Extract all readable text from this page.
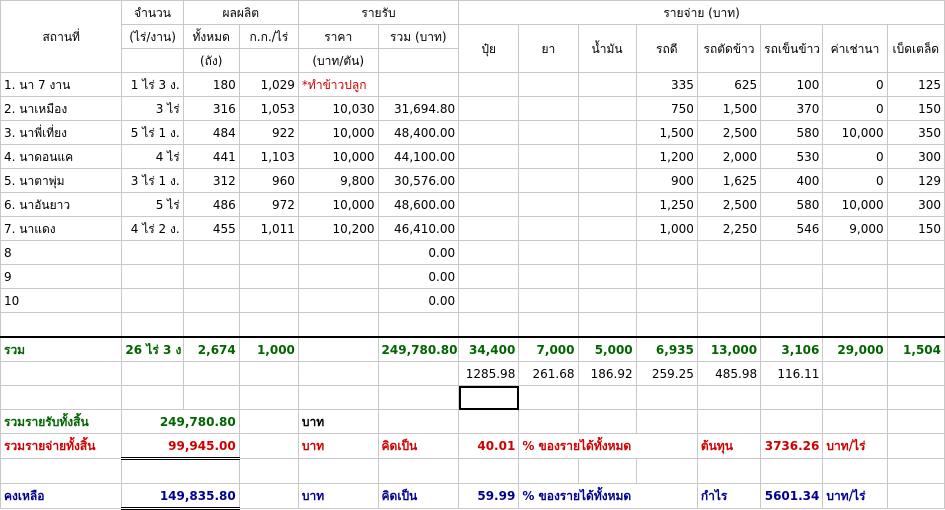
สถานที่	จำนวน	ผลผลิต		รายรับ		รายจ่าย (บาท)							
	(ไร่/งาน)	ทั้งหมด	ก.ก./ไร่	ราคา	รวม (บาท)	ปุ๋ย	ยา	น้ำมัน	รถดี	รถตัดข้าว	รถเข็นข้าว	ค่าเช่านา	เบ็ดเตล็ด
		(ถัง)		(บาท/ตัน)									
1. นา 7 งาน	1 ไร่ 3 ง.	180	1,029	*ทำข้าวปลูก					335	625	100	0	125
2. นาเหมือง	3 ไร่	316	1,053	10,030	31,694.80				750	1,500	370	0	150
3. นาพี่เที่ยง	5 ไร่ 1 ง.	484	922	10,000	48,400.00				1,500	2,500	580	10,000	350
4. นาดอนแค	4 ไร่	441	1,103	10,000	44,100.00				1,200	2,000	530	0	300
5. นาตาพุ่ม	3 ไร่ 1 ง.	312	960	9,800	30,576.00				900	1,625	400	0	129
6. นาอันยาว	5 ไร่	486	972	10,000	48,600.00				1,250	2,500	580	10,000	300
7. นาแดง	4 ไร่ 2 ง.	455	1,011	10,200	46,410.00				1,000	2,250	546	9,000	150
8					0.00								
9					0.00								
10					0.00								

รวม	26 ไร่ 3 ง	2,674	1,000		249,780.80	34,400	7,000	5,000	6,935	13,000	3,106	29,000	1,504
						1285.98	261.68	186.92	259.25	485.98	116.11		

รวมรายรับทั้งสิ้น	249,780.80			บาท									
รวมรายจ่ายทั้งสิ้น	99,945.00			บาท	คิดเป็น	40.01	% ของรายได้ทั้งหมด			ต้นทุน	3736.26	บาท/ไร่	

คงเหลือ	149,835.80			บาท	คิดเป็น	59.99	% ของรายได้ทั้งหมด			กำไร	5601.34	บาท/ไร่	
